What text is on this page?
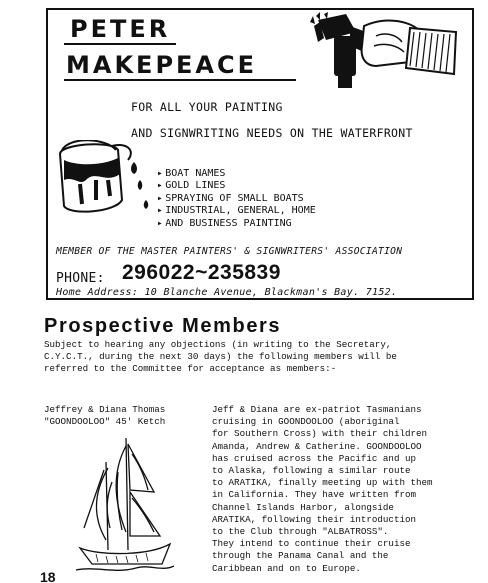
PETER
MAKEPEACE
FOR ALL YOUR PAINTING
AND SIGNWRITING NEEDS ON THE WATERFRONT
▶ BOAT NAMES
▶ GOLD LINES
▶ SPRAYING OF SMALL BOATS
▶ INDUSTRIAL, GENERAL, HOME
▶ AND BUSINESS PAINTING
MEMBER OF THE MASTER PAINTERS' & SIGNWRITERS' ASSOCIATION
PHONE: 296022~235839
Home Address: 10 Blanche Avenue, Blackman's Bay. 7152.
Prospective Members
Subject to hearing any objections (in writing to the Secretary,
C.Y.C.T., during the next 30 days) the following members will be
referred to the Committee for acceptance as members:-
Jeffrey & Diana Thomas
"GOONDOOLOO" 45' Ketch
Jeff & Diana are ex-patriot Tasmanians
cruising in GOONDOOLOO (aboriginal
for Southern Cross) with their children
Amanda, Andrew & Catherine. GOONDOOLOO
has cruised across the Pacific and up
to Alaska, following a similar route
to ARATIKA, finally meeting up with them
in California. They have written from
Channel Islands Harbor, alongside
ARATIKA, following their introduction
to the Club through "ALBATROSS".
They intend to continue their cruise
through the Panama Canal and the
Caribbean and on to Europe.
18
